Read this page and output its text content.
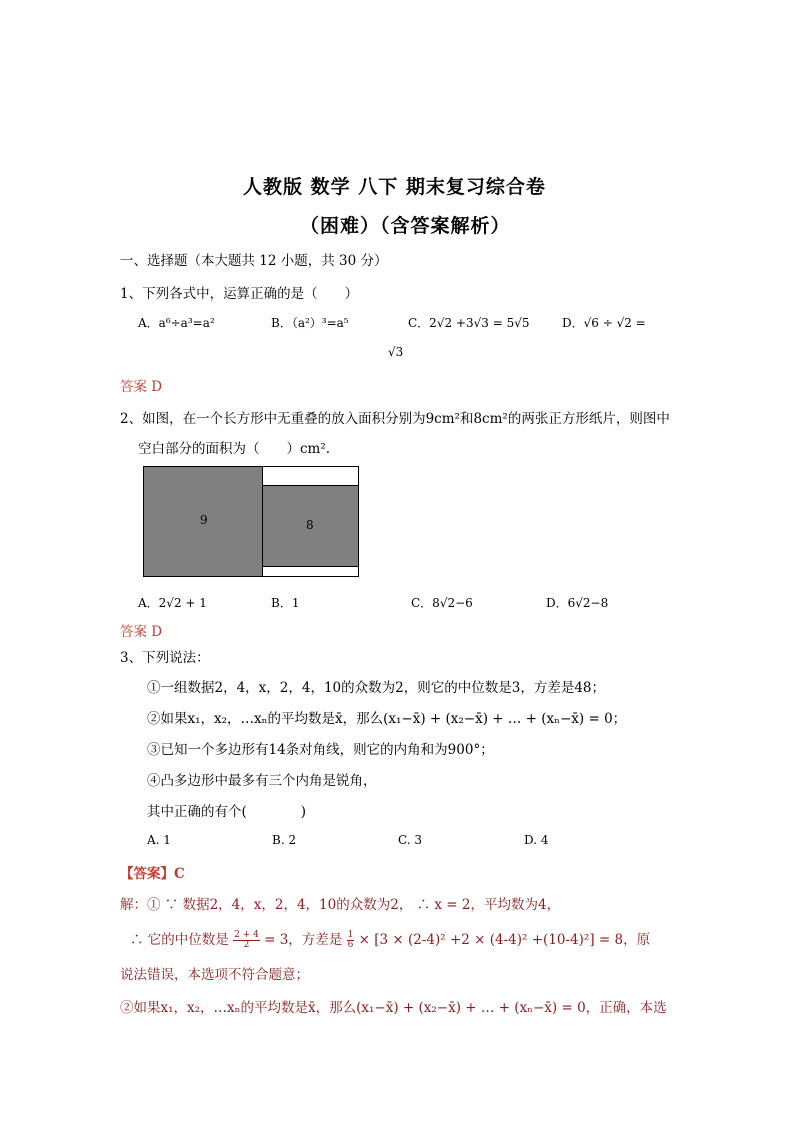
人教版 数学 八下 期末复习综合卷
（困难）（含答案解析）
一、选择题（本大题共 12 小题，共 30 分）
1、下列各式中，运算正确的是（　　）
A．a⁶÷a³=a²	B．（a²）³=a⁵	C．2√2 +3√3 = 5√5	D．√6 ÷ √2 =
√3
答案 D
2、如图，在一个长方形中无重叠的放入面积分别为9cm²和8cm²的两张正方形纸片，则图中
空白部分的面积为（　　）cm².
9	8
A．2√2 + 1	B．1	C．8√2−6	D．6√2−8
答案 D
3、下列说法：
①一组数据2，4，x，2，4，10的众数为2，则它的中位数是3，方差是48；
②如果x₁，x₂，…xₙ的平均数是x̄，那么(x₁−x̄) + (x₂−x̄) + … + (xₙ−x̄) = 0；
③已知一个多边形有14条对角线，则它的内角和为900°；
④凸多边形中最多有三个内角是锐角，
其中正确的有个(　　　　)
A. 1	B. 2	C. 3	D. 4
【答案】C
解：① ∵ 数据2，4，x，2，4，10的众数为2， ∴ x = 2，平均数为4，
∴ 它的中位数是 $\frac{2 + 4}{2} = 3$，方差是 $\frac{1}{6} \times [3 \times (2-4)^2 +2 \times (4-4)^2 +(10-4)^2] = 8$，原
说法错误，本选项不符合题意；
②如果x₁，x₂，…xₙ的平均数是x̄，那么(x₁−x̄) + (x₂−x̄) + … + (xₙ−x̄) = 0，正确，本选
